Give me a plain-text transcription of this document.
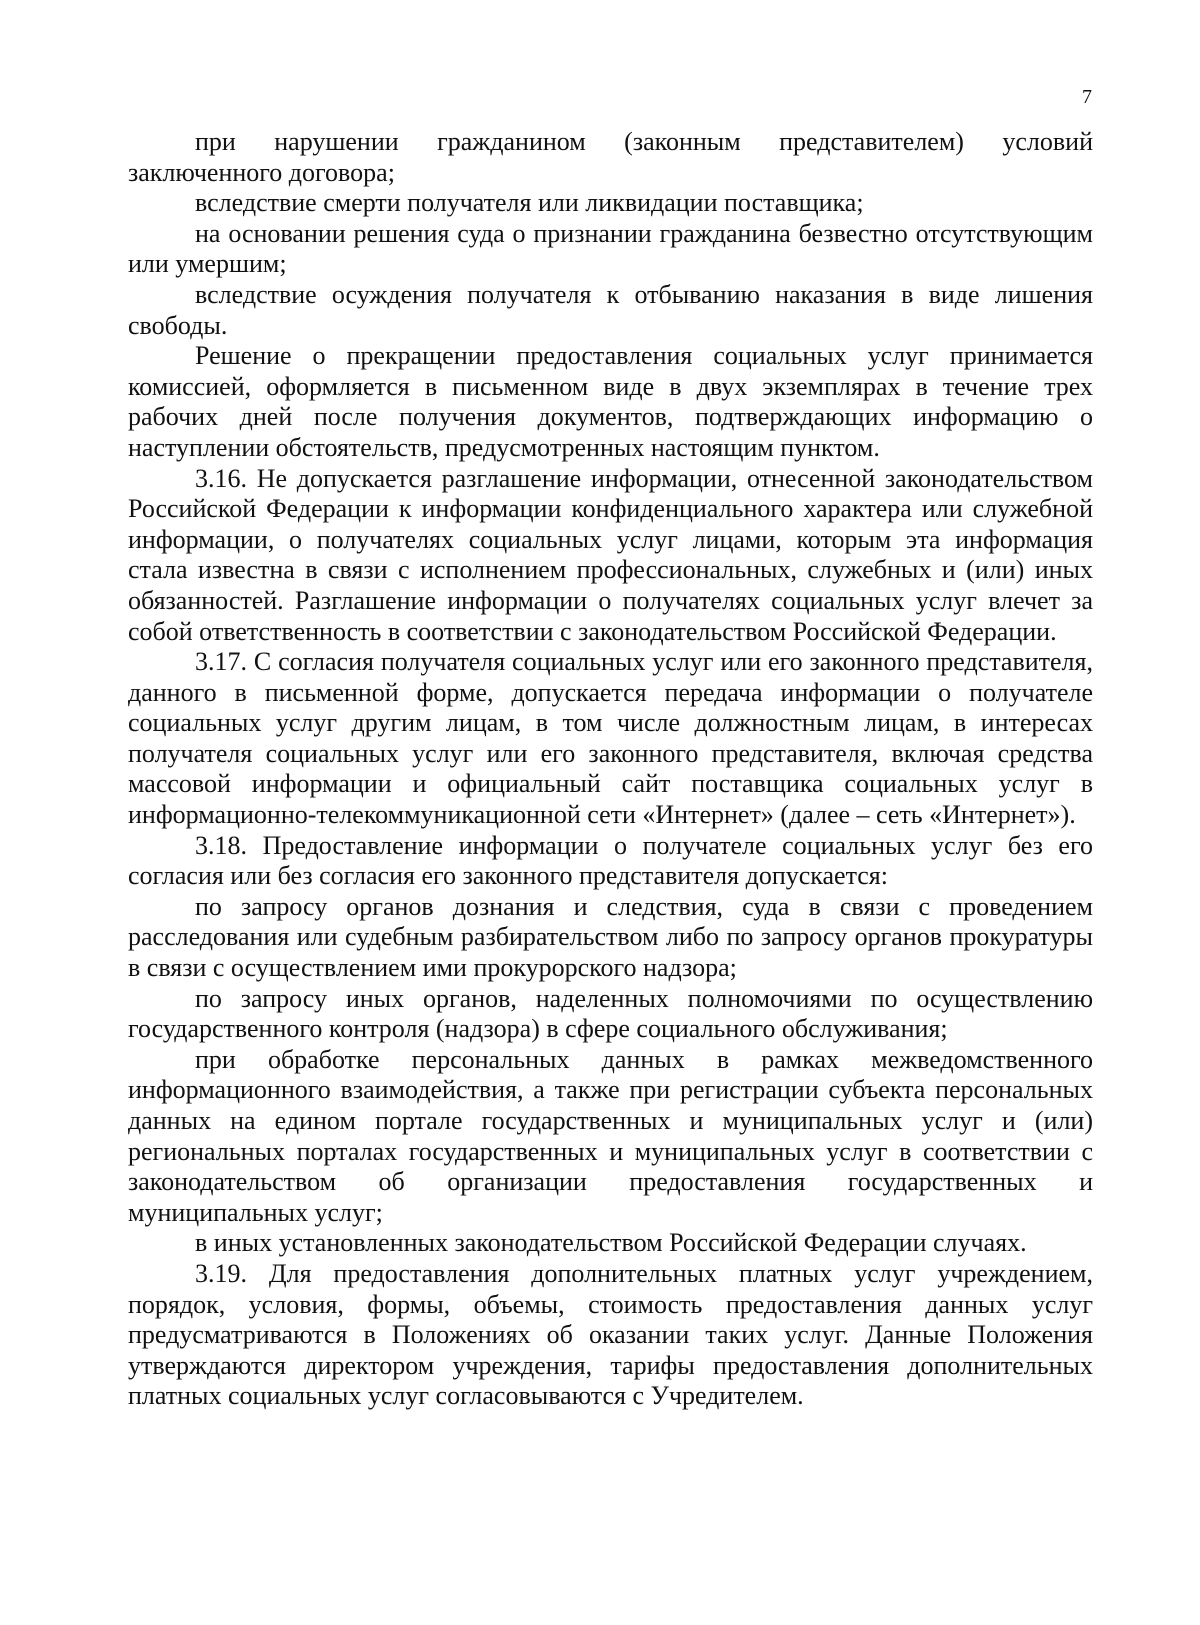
7

при нарушении гражданином (законным представителем) условий заключенного договора;

вследствие смерти получателя или ликвидации поставщика;

на основании решения суда о признании гражданина безвестно отсутствующим или умершим;

вследствие осуждения получателя к отбыванию наказания в виде лишения свободы.

Решение о прекращении предоставления социальных услуг принимается комиссией, оформляется в письменном виде в двух экземплярах в течение трех рабочих дней после получения документов, подтверждающих информацию о наступлении обстоятельств, предусмотренных настоящим пунктом.

3.16. Не допускается разглашение информации, отнесенной законодательством Российской Федерации к информации конфиденциального характера или служебной информации, о получателях социальных услуг лицами, которым эта информация стала известна в связи с исполнением профессиональных, служебных и (или) иных обязанностей. Разглашение информации о получателях социальных услуг влечет за собой ответственность в соответствии с законодательством Российской Федерации.

3.17. С согласия получателя социальных услуг или его законного представителя, данного в письменной форме, допускается передача информации о получателе социальных услуг другим лицам, в том числе должностным лицам, в интересах получателя социальных услуг или его законного представителя, включая средства массовой информации и официальный сайт поставщика социальных услуг в информационно-телекоммуникационной сети «Интернет» (далее – сеть «Интернет»).

3.18. Предоставление информации о получателе социальных услуг без его согласия или без согласия его законного представителя допускается:

по запросу органов дознания и следствия, суда в связи с проведением расследования или судебным разбирательством либо по запросу органов прокуратуры в связи с осуществлением ими прокурорского надзора;

по запросу иных органов, наделенных полномочиями по осуществлению государственного контроля (надзора) в сфере социального обслуживания;

при обработке персональных данных в рамках межведомственного информационного взаимодействия, а также при регистрации субъекта персональных данных на едином портале государственных и муниципальных услуг и (или) региональных порталах государственных и муниципальных услуг в соответствии с законодательством об организации предоставления государственных и муниципальных услуг;

в иных установленных законодательством Российской Федерации случаях.

3.19. Для предоставления дополнительных платных услуг учреждением, порядок, условия, формы, объемы, стоимость предоставления данных услуг предусматриваются в Положениях об оказании таких услуг. Данные Положения утверждаются директором учреждения, тарифы предоставления дополнительных платных социальных услуг согласовываются с Учредителем.
